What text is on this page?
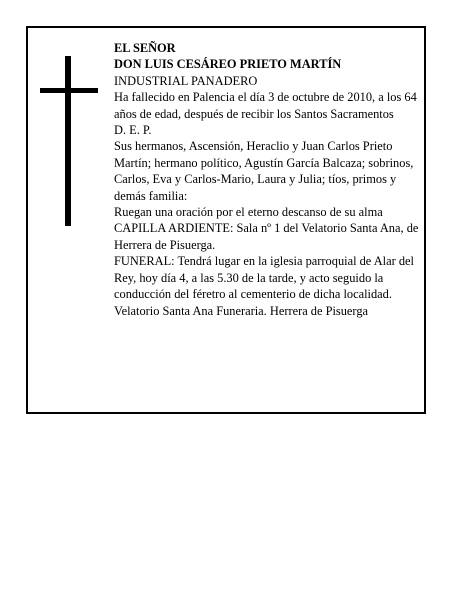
EL SEÑOR

DON LUIS CESÁREO PRIETO MARTÍN

INDUSTRIAL PANADERO

Ha fallecido en Palencia el día 3 de octubre de 2010, a los 64 años de edad, después de recibir los Santos Sacramentos

D. E. P.

Sus hermanos, Ascensión, Heraclio y Juan Carlos Prieto Martín; hermano político, Agustín García Balcaza; sobrinos, Carlos, Eva y Carlos-Mario, Laura y Julia; tíos, primos y demás familia:

Ruegan una oración por el eterno descanso de su alma

CAPILLA ARDIENTE: Sala nº 1 del Velatorio Santa Ana, de Herrera de Pisuerga.

FUNERAL: Tendrá lugar en la iglesia parroquial de Alar del Rey, hoy día 4, a las 5.30 de la tarde, y acto seguido la conducción del féretro al cementerio de dicha localidad.

Velatorio Santa Ana Funeraria. Herrera de Pisuerga
